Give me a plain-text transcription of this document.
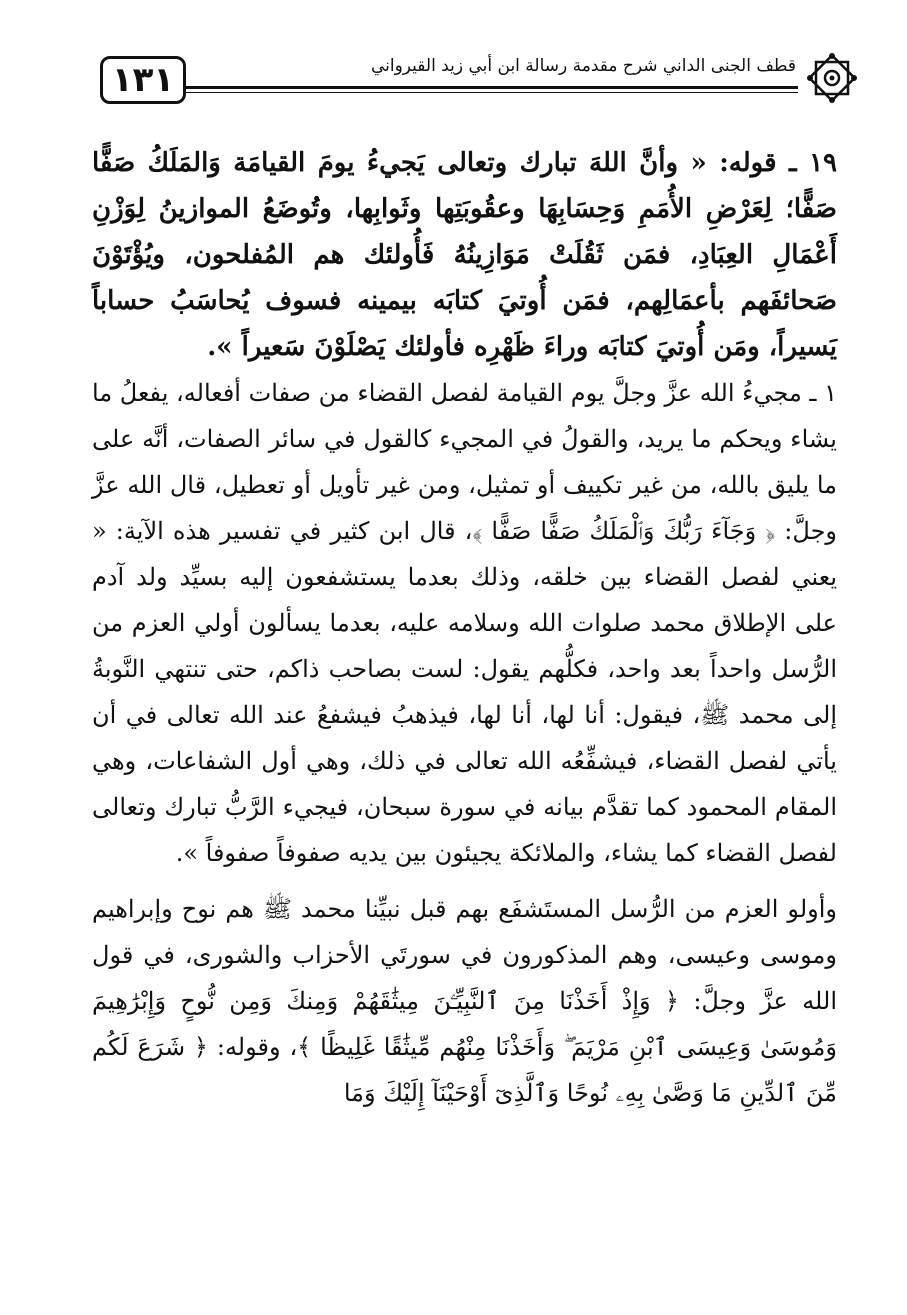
١٣١	قطف الجنى الداني شرح مقدمة رسالة ابن أبي زيد القيرواني

١٩ ـ قوله: « وأنَّ اللهَ تبارك وتعالى يَجيءُ يومَ القيامَة وَالمَلَكُ صَفًّا صَفًّا؛ لِعَرْضِ الأُمَمِ وَحِسَابِهَا وعقُوبَتِها وثَوابِها، وتُوضَعُ الموازينُ لِوَزْنِ أَعْمَالِ العِبَادِ، فمَن ثَقُلَتْ مَوَازِينُهُ فَأُولئك هم المُفلحون، ويُؤْتَوْنَ صَحائفَهم بأعمَالِهم، فمَن أُوتيَ كتابَه بيمينه فسوف يُحاسَبُ حساباً يَسيراً، ومَن أُوتيَ كتابَه وراءَ ظَهْرِه فأولئك يَصْلَوْنَ سَعيراً ».

١ ـ مجيءُ الله عزَّ وجلَّ يوم القيامة لفصل القضاء من صفات أفعاله، يفعلُ ما يشاء ويحكم ما يريد، والقولُ في المجيء كالقول في سائر الصفات، أنَّه على ما يليق بالله، من غير تكييف أو تمثيل، ومن غير تأويل أو تعطيل، قال الله عزَّ وجلَّ: ﴿ وَجَآءَ رَبُّكَ وَٱلْمَلَكُ صَفًّا صَفًّا ﴾، قال ابن كثير في تفسير هذه الآية: « يعني لفصل القضاء بين خلقه، وذلك بعدما يستشفعون إليه بسيِّد ولد آدم على الإطلاق محمد صلوات الله وسلامه عليه، بعدما يسألون أولي العزم من الرُّسل واحداً بعد واحد، فكلُّهم يقول: لست بصاحب ذاكم، حتى تنتهي النَّوبةُ إلى محمد ﷺ، فيقول: أنا لها، أنا لها، فيذهبُ فيشفعُ عند الله تعالى في أن يأتي لفصل القضاء، فيشفِّعُه الله تعالى في ذلك، وهي أول الشفاعات، وهي المقام المحمود كما تقدَّم بيانه في سورة سبحان، فيجيء الرَّبُّ تبارك وتعالى لفصل القضاء كما يشاء، والملائكة يجيئون بين يديه صفوفاً صفوفاً ».

وأولو العزم من الرُّسل المستَشفَع بهم قبل نبيِّنا محمد ﷺ هم نوح وإبراهيم وموسى وعيسى، وهم المذكورون في سورتَي الأحزاب والشورى، في قول الله عزَّ وجلَّ: ﴿ وَإِذْ أَخَذْنَا مِنَ ٱلنَّبِيِّـۧنَ مِيثَٰقَهُمْ وَمِنكَ وَمِن نُّوحٍ وَإِبْرَٰهِيمَ وَمُوسَىٰ وَعِيسَى ٱبْنِ مَرْيَمَ ۖ وَأَخَذْنَا مِنْهُم مِّيثَٰقًا غَلِيظًا ﴾، وقوله: ﴿ شَرَعَ لَكُم مِّنَ ٱلدِّينِ مَا وَصَّىٰ بِهِۦ نُوحًا وَٱلَّذِىٓ أَوْحَيْنَآ إِلَيْكَ وَمَا
